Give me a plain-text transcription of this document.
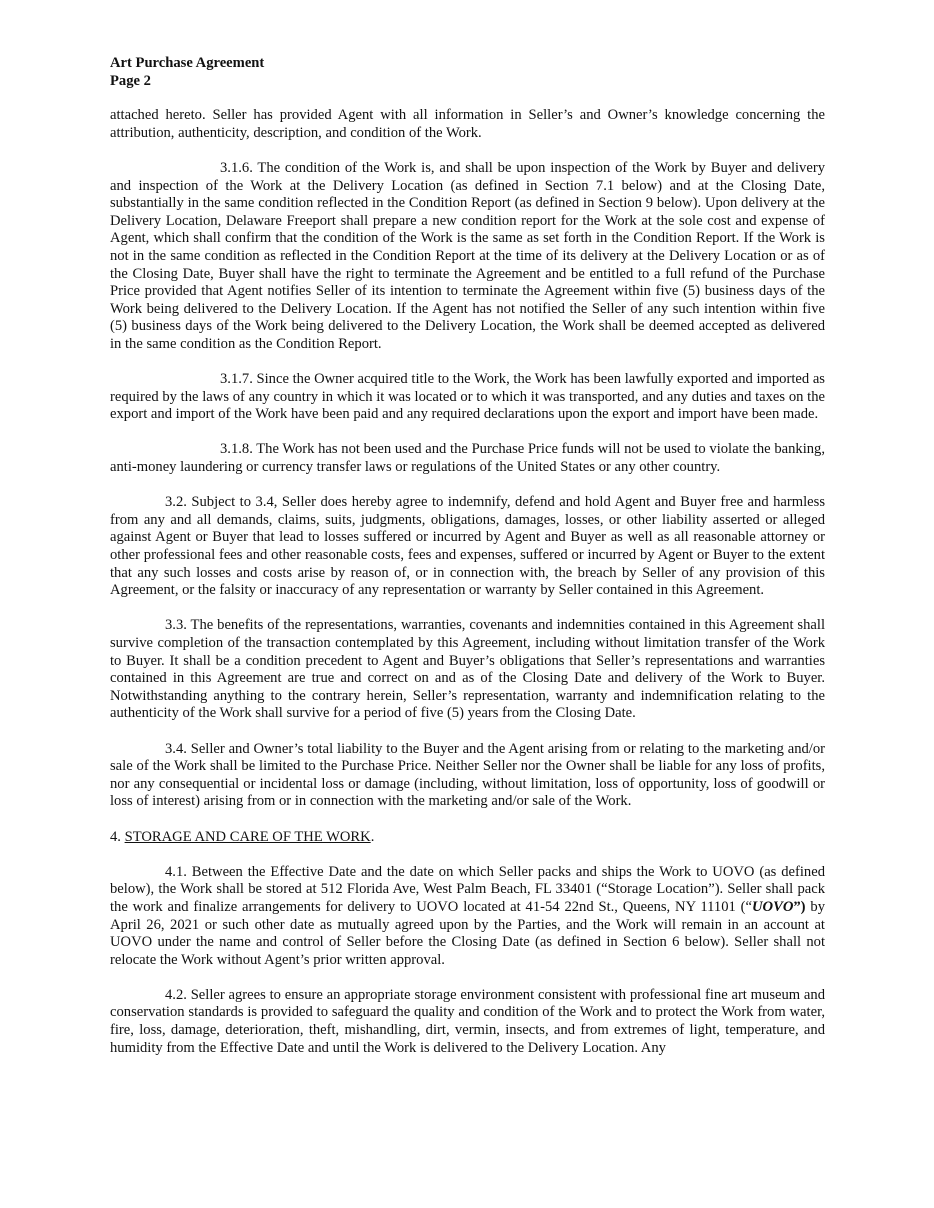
Art Purchase Agreement
Page 2

attached hereto. Seller has provided Agent with all information in Seller’s and Owner’s knowledge concerning the attribution, authenticity, description, and condition of the Work.

3.1.6. The condition of the Work is, and shall be upon inspection of the Work by Buyer and delivery and inspection of the Work at the Delivery Location (as defined in Section 7.1 below) and at the Closing Date, substantially in the same condition reflected in the Condition Report (as defined in Section 9 below). Upon delivery at the Delivery Location, Delaware Freeport shall prepare a new condition report for the Work at the sole cost and expense of Agent, which shall confirm that the condition of the Work is the same as set forth in the Condition Report. If the Work is not in the same condition as reflected in the Condition Report at the time of its delivery at the Delivery Location or as of the Closing Date, Buyer shall have the right to terminate the Agreement and be entitled to a full refund of the Purchase Price provided that Agent notifies Seller of its intention to terminate the Agreement within five (5) business days of the Work being delivered to the Delivery Location. If the Agent has not notified the Seller of any such intention within five (5) business days of the Work being delivered to the Delivery Location, the Work shall be deemed accepted as delivered in the same condition as the Condition Report.

3.1.7. Since the Owner acquired title to the Work, the Work has been lawfully exported and imported as required by the laws of any country in which it was located or to which it was transported, and any duties and taxes on the export and import of the Work have been paid and any required declarations upon the export and import have been made.

3.1.8. The Work has not been used and the Purchase Price funds will not be used to violate the banking, anti-money laundering or currency transfer laws or regulations of the United States or any other country.

3.2. Subject to 3.4, Seller does hereby agree to indemnify, defend and hold Agent and Buyer free and harmless from any and all demands, claims, suits, judgments, obligations, damages, losses, or other liability asserted or alleged against Agent or Buyer that lead to losses suffered or incurred by Agent and Buyer as well as all reasonable attorney or other professional fees and other reasonable costs, fees and expenses, suffered or incurred by Agent or Buyer to the extent that any such losses and costs arise by reason of, or in connection with, the breach by Seller of any provision of this Agreement, or the falsity or inaccuracy of any representation or warranty by Seller contained in this Agreement.

3.3. The benefits of the representations, warranties, covenants and indemnities contained in this Agreement shall survive completion of the transaction contemplated by this Agreement, including without limitation transfer of the Work to Buyer. It shall be a condition precedent to Agent and Buyer’s obligations that Seller’s representations and warranties contained in this Agreement are true and correct on and as of the Closing Date and delivery of the Work to Buyer. Notwithstanding anything to the contrary herein, Seller’s representation, warranty and indemnification relating to the authenticity of the Work shall survive for a period of five (5) years from the Closing Date.

3.4. Seller and Owner’s total liability to the Buyer and the Agent arising from or relating to the marketing and/or sale of the Work shall be limited to the Purchase Price. Neither Seller nor the Owner shall be liable for any loss of profits, nor any consequential or incidental loss or damage (including, without limitation, loss of opportunity, loss of goodwill or loss of interest) arising from or in connection with the marketing and/or sale of the Work.

4. STORAGE AND CARE OF THE WORK.

4.1. Between the Effective Date and the date on which Seller packs and ships the Work to UOVO (as defined below), the Work shall be stored at 512 Florida Ave, West Palm Beach, FL 33401 (“Storage Location”). Seller shall pack the work and finalize arrangements for delivery to UOVO located at 41-54 22nd St., Queens, NY 11101 (“UOVO”) by April 26, 2021 or such other date as mutually agreed upon by the Parties, and the Work will remain in an account at UOVO under the name and control of Seller before the Closing Date (as defined in Section 6 below). Seller shall not relocate the Work without Agent’s prior written approval.

4.2. Seller agrees to ensure an appropriate storage environment consistent with professional fine art museum and conservation standards is provided to safeguard the quality and condition of the Work and to protect the Work from water, fire, loss, damage, deterioration, theft, mishandling, dirt, vermin, insects, and from extremes of light, temperature, and humidity from the Effective Date and until the Work is delivered to the Delivery Location. Any
